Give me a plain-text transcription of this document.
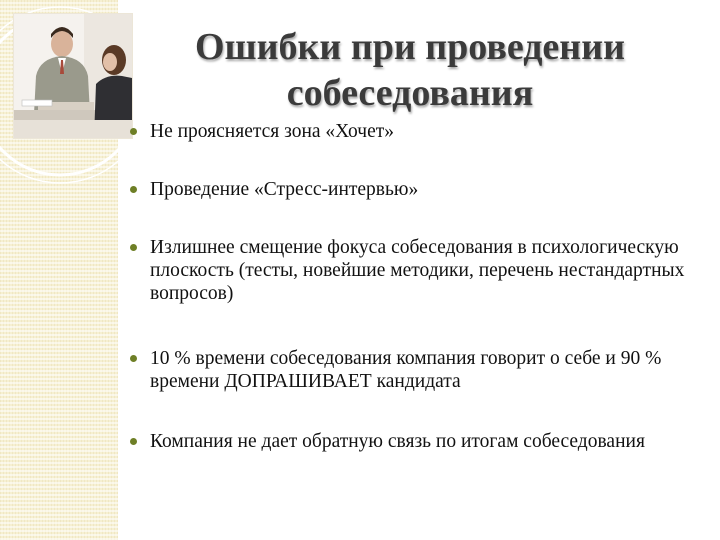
Ошибки при проведении собеседования
Не проясняется зона «Хочет»
Проведение «Стресс-интервью»
Излишнее смещение фокуса собеседования в психологическую плоскость (тесты, новейшие методики, перечень нестандартных вопросов)
10 % времени собеседования компания говорит о себе и 90 % времени ДОПРАШИВАЕТ кандидата
Компания не дает обратную связь по итогам собеседования
